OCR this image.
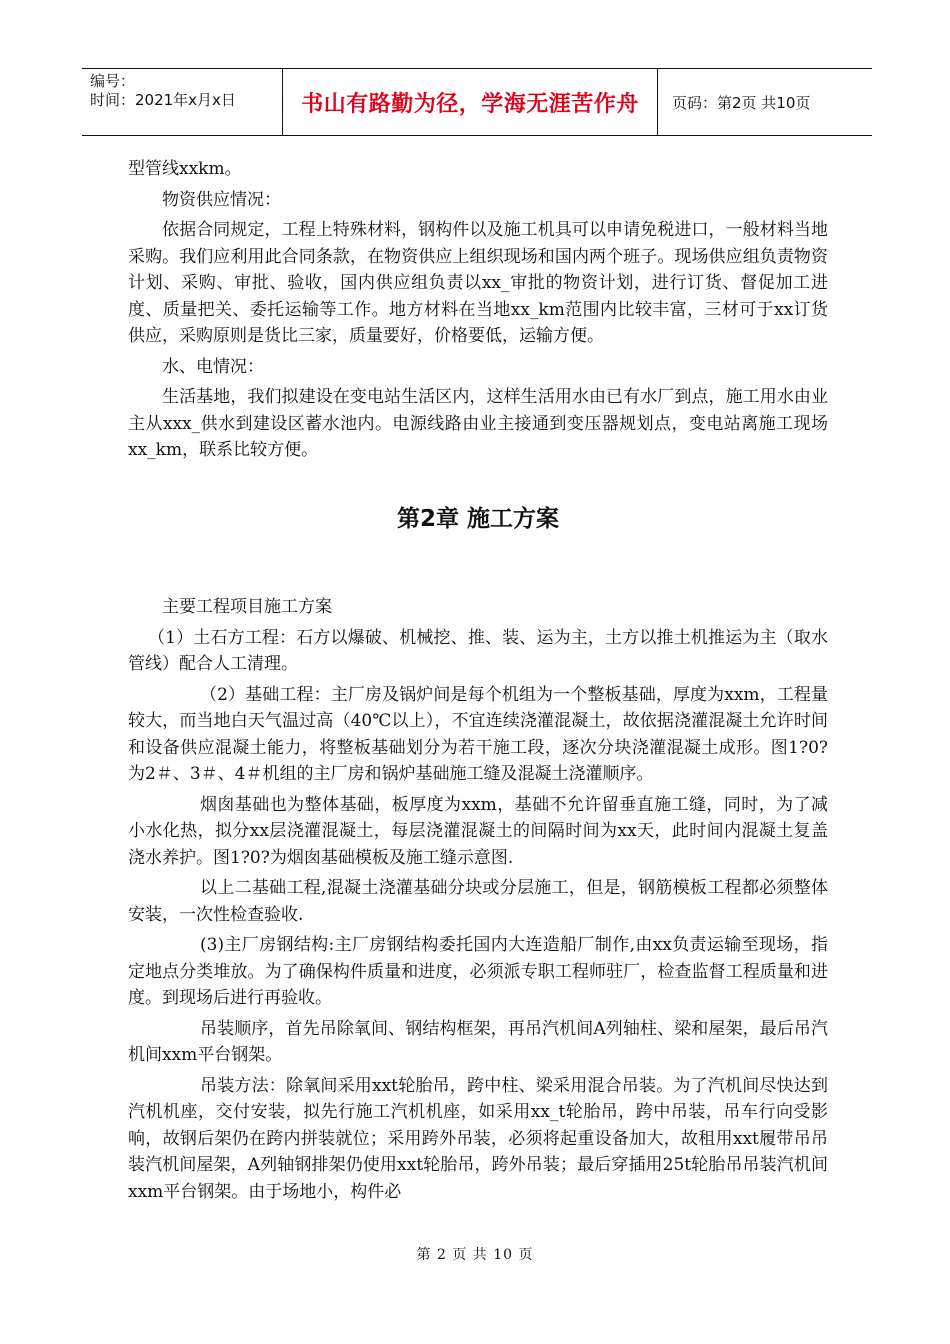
编号：
时间：2021年x月x日	书山有路勤为径，学海无涯苦作舟	页码：第2页 共10页

型管线xxkm。

物资供应情况：

依据合同规定，工程上特殊材料，钢构件以及施工机具可以申请免税进口，一般材料当地采购。我们应利用此合同条款，在物资供应上组织现场和国内两个班子。现场供应组负责物资计划、采购、审批、验收，国内供应组负责以xx_审批的物资计划，进行订货、督促加工进度、质量把关、委托运输等工作。地方材料在当地xx_km范围内比较丰富，三材可于xx订货供应，采购原则是货比三家，质量要好，价格要低，运输方便。

水、电情况：

生活基地，我们拟建设在变电站生活区内，这样生活用水由已有水厂到点，施工用水由业主从xxx_供水到建设区蓄水池内。电源线路由业主接通到变压器规划点，变电站离施工现场xx_km，联系比较方便。

第2章 施工方案

主要工程项目施工方案

（1）土石方工程：石方以爆破、机械挖、推、装、运为主，土方以推土机推运为主（取水管线）配合人工清理。

（2）基础工程：主厂房及锅炉间是每个机组为一个整板基础，厚度为xxm，工程量较大，而当地白天气温过高（40℃以上），不宜连续浇灌混凝土，故依据浇灌混凝土允许时间和设备供应混凝土能力，将整板基础划分为若干施工段，逐次分块浇灌混凝土成形。图1?0?为2＃、3＃、4＃机组的主厂房和锅炉基础施工缝及混凝土浇灌顺序。

烟囱基础也为整体基础，板厚度为xxm，基础不允许留垂直施工缝，同时，为了减小水化热，拟分xx层浇灌混凝土，每层浇灌混凝土的间隔时间为xx天，此时间内混凝土复盖浇水养护。图1?0?为烟囱基础模板及施工缝示意图.

以上二基础工程,混凝土浇灌基础分块或分层施工，但是，钢筋模板工程都必须整体安装，一次性检查验收.

(3)主厂房钢结构:主厂房钢结构委托国内大连造船厂制作,由xx负责运输至现场，指定地点分类堆放。为了确保构件质量和进度，必须派专职工程师驻厂，检查监督工程质量和进度。到现场后进行再验收。

吊装顺序，首先吊除氧间、钢结构框架，再吊汽机间A列轴柱、梁和屋架，最后吊汽机间xxm平台钢架。

吊装方法：除氧间采用xxt轮胎吊，跨中柱、梁采用混合吊装。为了汽机间尽快达到汽机机座，交付安装，拟先行施工汽机机座，如采用xx_t轮胎吊，跨中吊装，吊车行向受影响，故钢后架仍在跨内拼装就位；采用跨外吊装，必须将起重设备加大，故租用xxt履带吊吊装汽机间屋架，A列轴钢排架仍使用xxt轮胎吊，跨外吊装；最后穿插用25t轮胎吊吊装汽机间xxm平台钢架。由于场地小，构件必

第 2 页 共 10 页
